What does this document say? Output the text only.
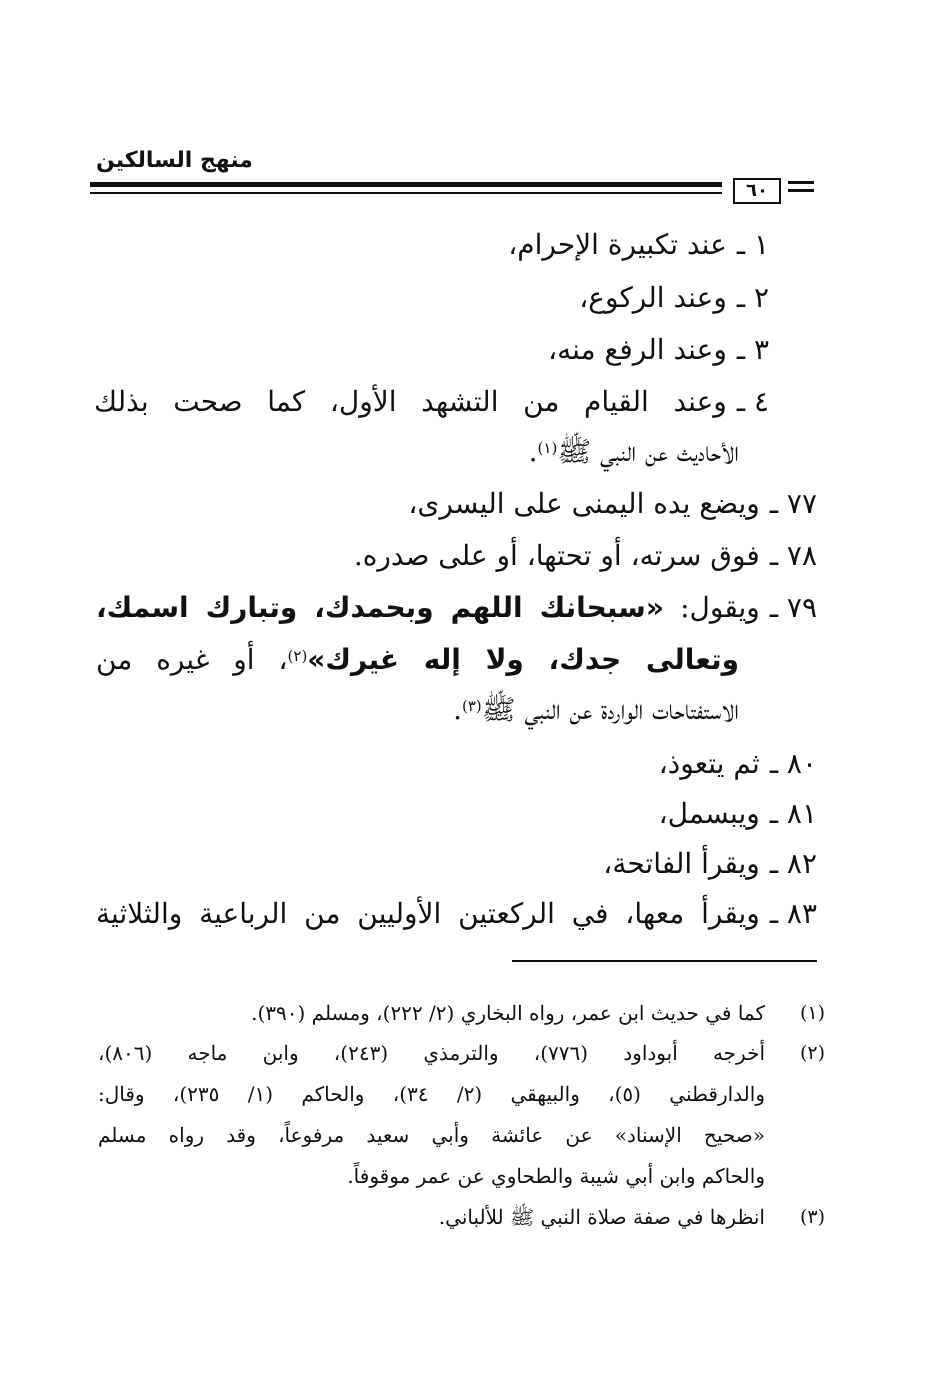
منهج السالكين
٦٠
١ ـعند تكبيرة الإحرام،
٢ ـوعند الركوع،
٣ ـوعند الرفع منه،
٤ ـوعند القيام من التشهد الأول، كما صحت بذلك
الأحاديث عن النبي ﷺ$^{(١)}$.
٧٧ ـويضع يده اليمنى على اليسرى،
٧٨ ـفوق سرته، أو تحتها، أو على صدره.
٧٩ ـويقول: «سبحانك اللهم وبحمدك، وتبارك اسمك،
وتعالى جدك، ولا إله غيرك»$^{(٢)}$، أو غيره من
الاستفتاحات الواردة عن النبي ﷺ$^{(٣)}$.
٨٠ ـثم يتعوذ،
٨١ ـويبسمل،
٨٢ ـويقرأ الفاتحة،
٨٣ ـويقرأ معها، في الركعتين الأوليين من الرباعية والثلاثية
(١)
كما في حديث ابن عمر، رواه البخاري (٢/ ٢٢٢)، ومسلم (٣٩٠).
(٢)
أخرجه أبوداود (٧٧٦)، والترمذي (٢٤٣)، وابن ماجه (٨٠٦)،
والدارقطني (٥)، والبيهقي (٢/ ٣٤)، والحاكم (١/ ٢٣٥)، وقال:
«صحيح الإسناد» عن عائشة وأبي سعيد مرفوعاً، وقد رواه مسلم
والحاكم وابن أبي شيبة والطحاوي عن عمر موقوفاً.
(٣)
انظرها في صفة صلاة النبي ﷺ للألباني.
